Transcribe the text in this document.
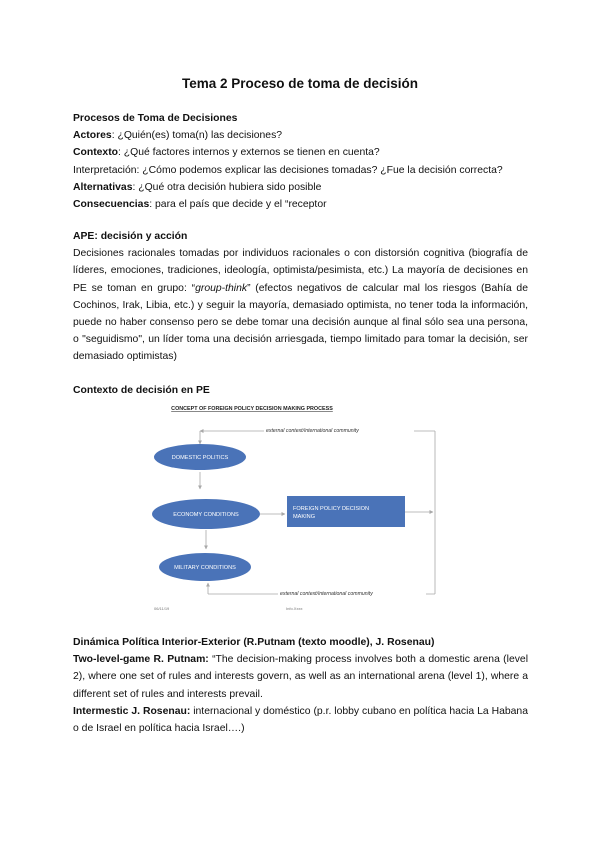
Tema 2 Proceso de toma de decisión

Procesos de Toma de Decisiones

Actores: ¿Quién(es) toma(n) las decisiones?

Contexto: ¿Qué factores internos y externos se tienen en cuenta?

Interpretación: ¿Cómo podemos explicar las decisiones tomadas? ¿Fue la decisión correcta?

Alternativas: ¿Qué otra decisión hubiera sido posible

Consecuencias: para el país que decide y el “receptor

APE: decisión y acción

Decisiones racionales tomadas por individuos racionales o con distorsión cognitiva (biografía de líderes, emociones, tradiciones, ideología, optimista/pesimista, etc.) La mayoría de decisiones en PE se toman en grupo: “group-think” (efectos negativos de calcular mal los riesgos (Bahía de Cochinos, Irak, Libia, etc.) y seguir la mayoría, demasiado optimista, no tener toda la información, puede no haber consenso pero se debe tomar una decisión aunque al final sólo sea una persona, o "seguidismo", un líder toma una decisión arriesgada, tiempo limitado para tomar la decisión, ser demasiado optimistas)

Contexto de decisión en PE

CONCEPT OF FOREIGN POLICY DECISION MAKING PROCESS
external context/international community
DOMESTIC POLITICS
ECONOMY CONDITIONS
FOREIGN POLICY DECISION
MAKING
MILITARY CONDITIONS
external context/international community
06/11/19	Info.Xxxx

Dinámica Política Interior-Exterior (R.Putnam (texto moodle), J. Rosenau)

Two-level-game R. Putnam: “The decision-making process involves both a domestic arena (level 2), where one set of rules and interests govern, as well as an international arena (level 1), where a different set of rules and interests prevail.

Intermestic J. Rosenau: internacional y doméstico (p.r. lobby cubano en política hacia La Habana o de Israel en política hacia Israel….)
